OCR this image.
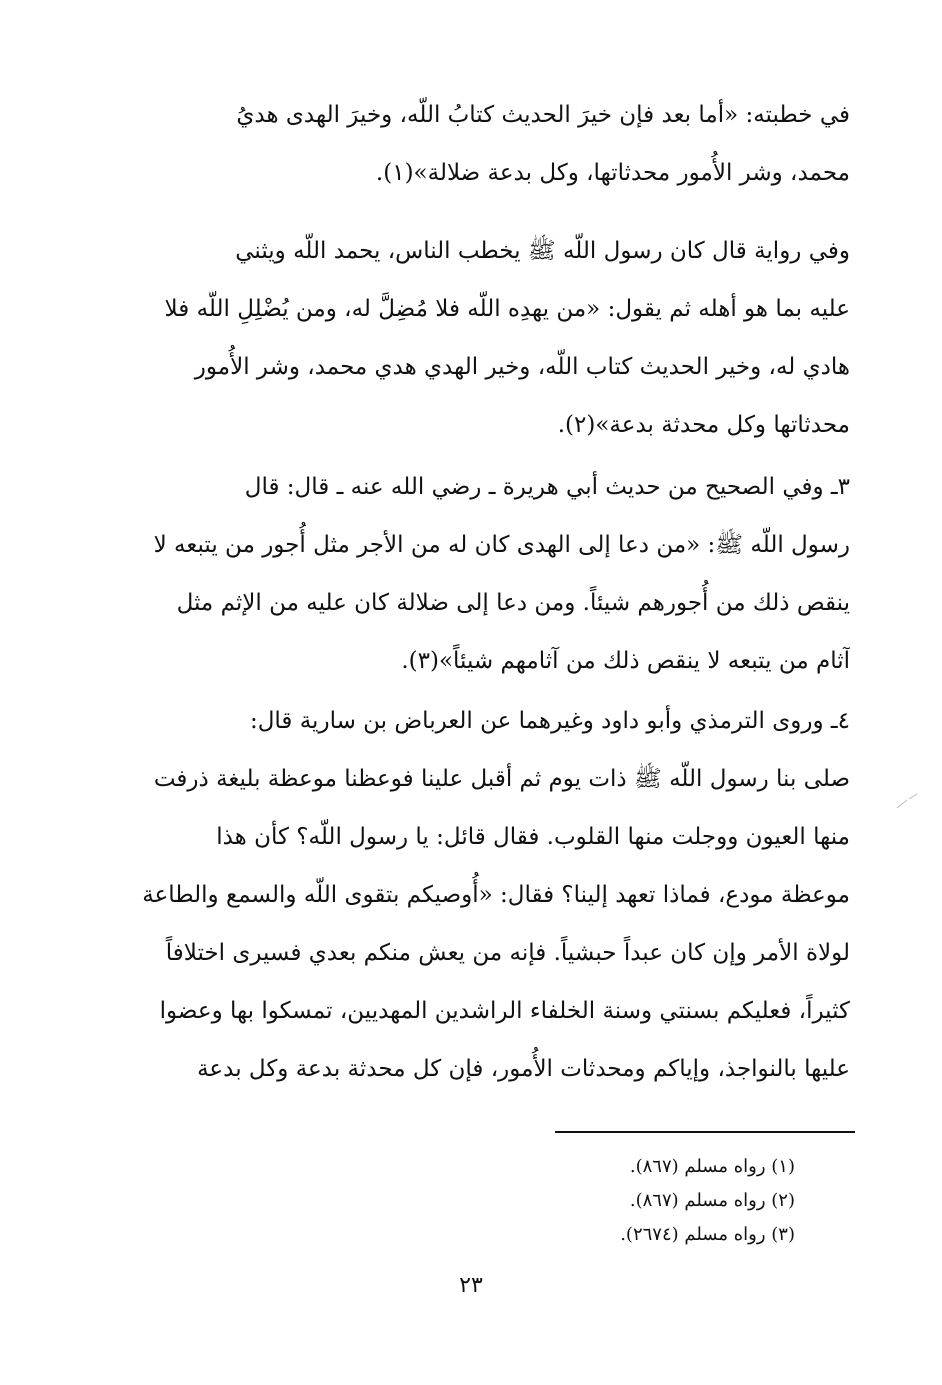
في خطبته: «أما بعد فإن خيرَ الحديث كتابُ اللّه، وخيرَ الهدى هديُ
محمد، وشر الأُمور محدثاتها، وكل بدعة ضلالة»(١).

وفي رواية قال كان رسول اللّه ﷺ يخطب الناس، يحمد اللّه ويثني
عليه بما هو أهله ثم يقول: «من يهدِه اللّه فلا مُضِلَّ له، ومن يُضْلِلِ اللّه فلا
هادي له، وخير الحديث كتاب اللّه، وخير الهدي هدي محمد، وشر الأُمور
محدثاتها وكل محدثة بدعة»(٢).

٣ـ وفي الصحيح من حديث أبي هريرة ـ رضي الله عنه ـ قال: قال
رسول اللّه ﷺ: «من دعا إلى الهدى كان له من الأجر مثل أُجور من يتبعه لا
ينقص ذلك من أُجورهم شيئاً. ومن دعا إلى ضلالة كان عليه من الإثم مثل
آثام من يتبعه لا ينقص ذلك من آثامهم شيئاً»(٣).

٤ـ وروى الترمذي وأبو داود وغيرهما عن العرباض بن سارية قال:
صلى بنا رسول اللّه ﷺ ذات يوم ثم أقبل علينا فوعظنا موعظة بليغة ذرفت
منها العيون ووجلت منها القلوب. فقال قائل: يا رسول اللّه؟ كأن هذا
موعظة مودع، فماذا تعهد إلينا؟ فقال: «أُوصيكم بتقوى اللّه والسمع والطاعة
لولاة الأمر وإن كان عبداً حبشياً. فإنه من يعش منكم بعدي فسيرى اختلافاً
كثيراً، فعليكم بسنتي وسنة الخلفاء الراشدين المهديين، تمسكوا بها وعضوا
عليها بالنواجذ، وإياكم ومحدثات الأُمور، فإن كل محدثة بدعة وكل بدعة

(١) رواه مسلم (٨٦٧).
(٢) رواه مسلم (٨٦٧).
(٣) رواه مسلم (٢٦٧٤).
٢٣
